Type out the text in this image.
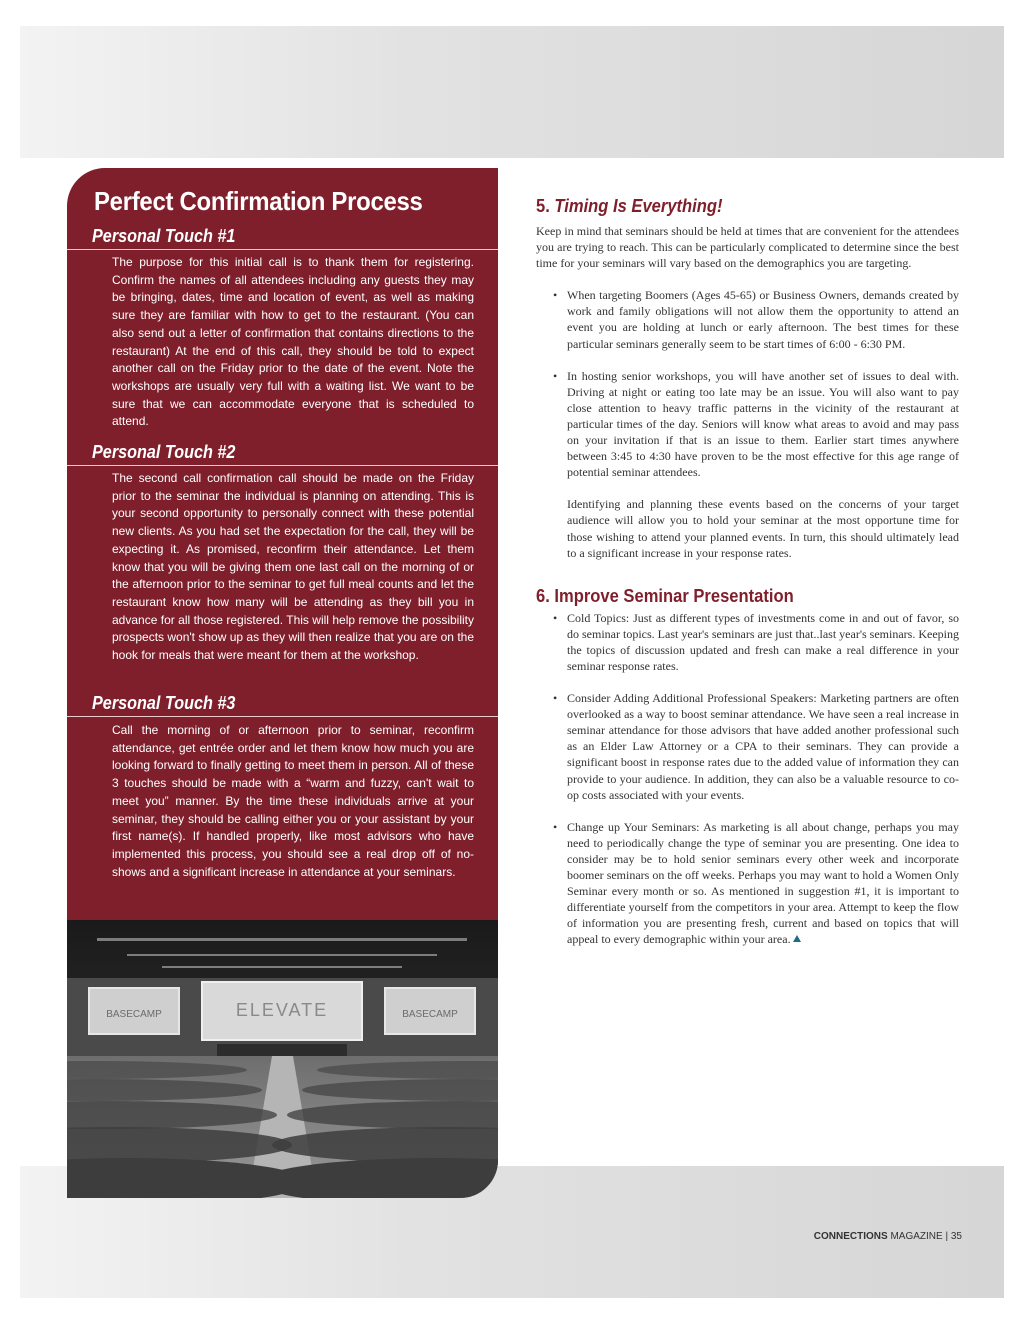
Perfect Confirmation Process
Personal Touch #1

The purpose for this initial call is to thank them for registering. Confirm the names of all attendees including any guests they may be bringing, dates, time and location of event, as well as making sure they are familiar with how to get to the restaurant. (You can also send out a letter of confirmation that contains directions to the restaurant) At the end of this call, they should be told to expect another call on the Friday prior to the date of the event. Note the workshops are usually very full with a waiting list. We want to be sure that we can accommodate everyone that is scheduled to attend.

Personal Touch #2

The second call confirmation call should be made on the Friday prior to the seminar the individual is planning on attending. This is your second opportunity to personally connect with these potential new clients. As you had set the expectation for the call, they will be expecting it. As promised, reconfirm their attendance. Let them know that you will be giving them one last call on the morning of or the afternoon prior to the seminar to get full meal counts and let the restaurant know how many will be attending as they bill you in advance for all those registered. This will help remove the possibility prospects won't show up as they will then realize that you are on the hook for meals that were meant for them at the workshop.

Personal Touch #3

Call the morning of or afternoon prior to seminar, reconfirm attendance, get entrée order and let them know how much you are looking forward to finally getting to meet them in person. All of these 3 touches should be made with a “warm and fuzzy, can't wait to meet you” manner. By the time these individuals arrive at your seminar, they should be calling either you or your assistant by your first name(s). If handled properly, like most advisors who have implemented this process, you should see a real drop off of no-shows and a significant increase in attendance at your seminars.

BASECAMP	ELEVATE	BASECAMP
5. Timing Is Everything!

Keep in mind that seminars should be held at times that are convenient for the attendees you are trying to reach. This can be particularly complicated to determine since the best time for your seminars will vary based on the demographics you are targeting.

• When targeting Boomers (Ages 45-65) or Business Owners, demands created by work and family obligations will not allow them the opportunity to attend an event you are holding at lunch or early afternoon. The best times for these particular seminars generally seem to be start times of 6:00 - 6:30 PM.

• In hosting senior workshops, you will have another set of issues to deal with. Driving at night or eating too late may be an issue. You will also want to pay close attention to heavy traffic patterns in the vicinity of the restaurant at particular times of the day. Seniors will know what areas to avoid and may pass on your invitation if that is an issue to them. Earlier start times anywhere between 3:45 to 4:30 have proven to be the most effective for this age range of potential seminar attendees.

Identifying and planning these events based on the concerns of your target audience will allow you to hold your seminar at the most opportune time for those wishing to attend your planned events. In turn, this should ultimately lead to a significant increase in your response rates.

6. Improve Seminar Presentation
• Cold Topics: Just as different types of investments come in and out of favor, so do seminar topics. Last year's seminars are just that..last year's seminars. Keeping the topics of discussion updated and fresh can make a real difference in your seminar response rates.

• Consider Adding Additional Professional Speakers: Marketing partners are often overlooked as a way to boost seminar attendance. We have seen a real increase in seminar attendance for those advisors that have added another professional such as an Elder Law Attorney or a CPA to their seminars. They can provide a significant boost in response rates due to the added value of information they can provide to your audience. In addition, they can also be a valuable resource to co-op costs associated with your events.

• Change up Your Seminars: As marketing is all about change, perhaps you may need to periodically change the type of seminar you are presenting. One idea to consider may be to hold senior seminars every other week and incorporate boomer seminars on the off weeks. Perhaps you may want to hold a Women Only Seminar every month or so. As mentioned in suggestion #1, it is important to differentiate yourself from the competitors in your area. Attempt to keep the flow of information you are presenting fresh, current and based on topics that will appeal to every demographic within your area.

CONNECTIONS MAGAZINE | 35
